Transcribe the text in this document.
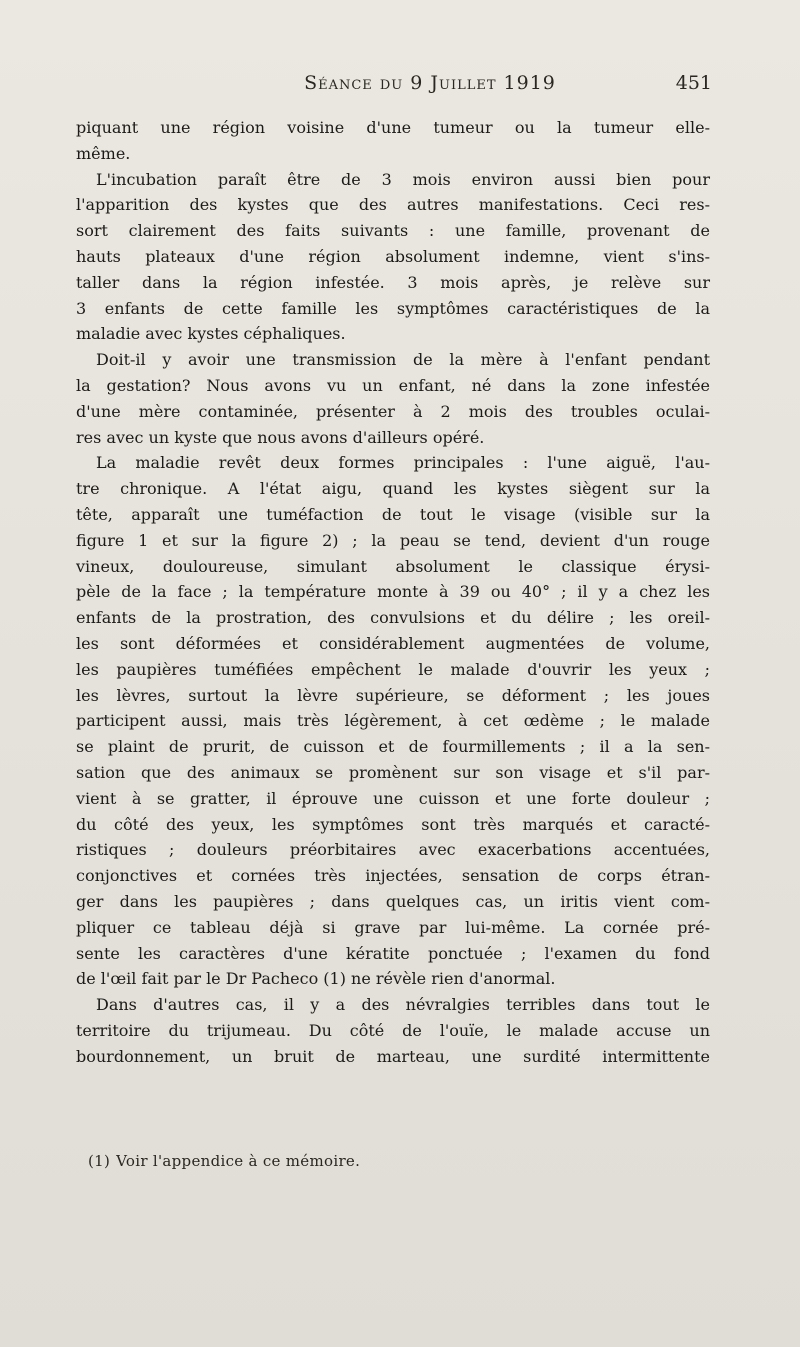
Séance du 9 Juillet 1919	451
piquant une région voisine d'une tumeur ou la tumeur elle-
même.
L'incubation paraît être de 3 mois environ aussi bien pour
l'apparition des kystes que des autres manifestations. Ceci res-
sort clairement des faits suivants : une famille, provenant de
hauts plateaux d'une région absolument indemne, vient s'ins-
taller dans la région infestée. 3 mois après, je relève sur
3 enfants de cette famille les symptômes caractéristiques de la
maladie avec kystes céphaliques.
Doit-il y avoir une transmission de la mère à l'enfant pendant
la gestation? Nous avons vu un enfant, né dans la zone infestée
d'une mère contaminée, présenter à 2 mois des troubles oculai-
res avec un kyste que nous avons d'ailleurs opéré.
La maladie revêt deux formes principales : l'une aiguë, l'au-
tre chronique. A l'état aigu, quand les kystes siègent sur la
tête, apparaît une tuméfaction de tout le visage (visible sur la
figure 1 et sur la figure 2) ; la peau se tend, devient d'un rouge
vineux, douloureuse, simulant absolument le classique érysi-
pèle de la face ; la température monte à 39 ou 40° ; il y a chez les
enfants de la prostration, des convulsions et du délire ; les oreil-
les sont déformées et considérablement augmentées de volume,
les paupières tuméfiées empêchent le malade d'ouvrir les yeux ;
les lèvres, surtout la lèvre supérieure, se déforment ; les joues
participent aussi, mais très légèrement, à cet œdème ; le malade
se plaint de prurit, de cuisson et de fourmillements ; il a la sen-
sation que des animaux se promènent sur son visage et s'il par-
vient à se gratter, il éprouve une cuisson et une forte douleur ;
du côté des yeux, les symptômes sont très marqués et caracté-
ristiques ; douleurs préorbitaires avec exacerbations accentuées,
conjonctives et cornées très injectées, sensation de corps étran-
ger dans les paupières ; dans quelques cas, un iritis vient com-
pliquer ce tableau déjà si grave par lui-même. La cornée pré-
sente les caractères d'une kératite ponctuée ; l'examen du fond
de l'œil fait par le Dr Pacheco (1) ne révèle rien d'anormal.
Dans d'autres cas, il y a des névralgies terribles dans tout le
territoire du trijumeau. Du côté de l'ouïe, le malade accuse un
bourdonnement, un bruit de marteau, une surdité intermittente
(1) Voir l'appendice à ce mémoire.
